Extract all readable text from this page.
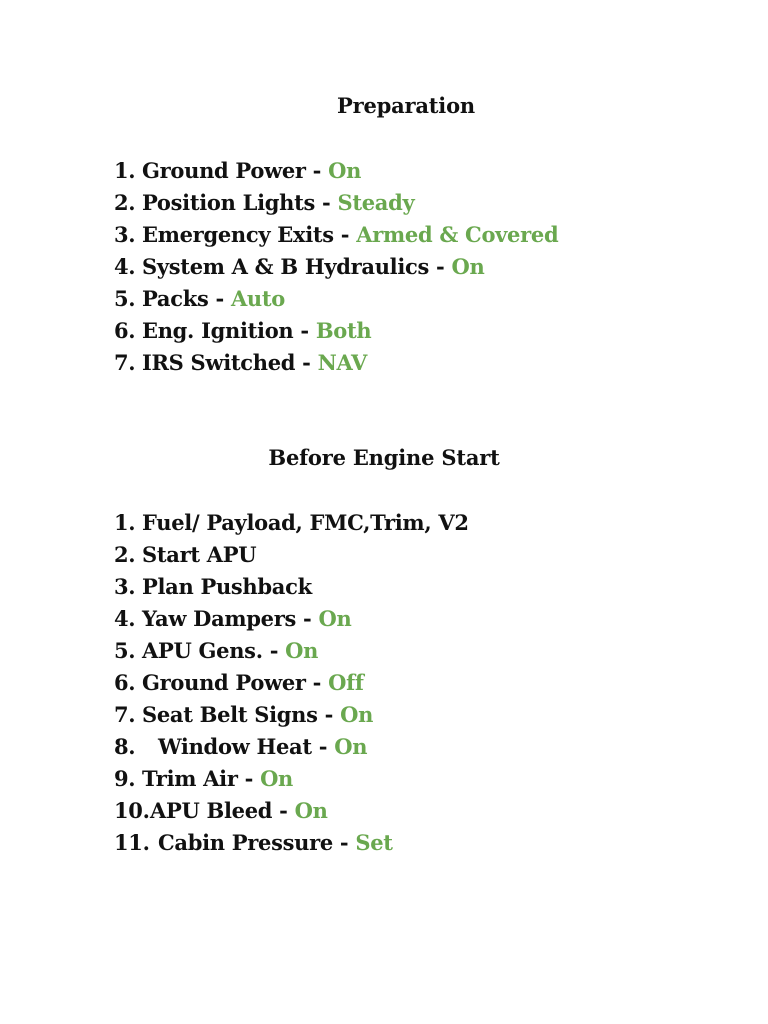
Preparation
1. Ground Power - On
2. Position Lights - Steady
3. Emergency Exits - Armed & Covered
4. System A & B Hydraulics - On
5. Packs - Auto
6. Eng. Ignition - Both
7. IRS Switched - NAV
Before Engine Start
1. Fuel/ Payload, FMC,Trim, V2
2. Start APU
3. Plan Pushback
4. Yaw Dampers - On
5. APU Gens. - On
6. Ground Power - Off
7. Seat Belt Signs - On
8. Window Heat - On
9. Trim Air - On
10.APU Bleed - On
11. Cabin Pressure - Set
